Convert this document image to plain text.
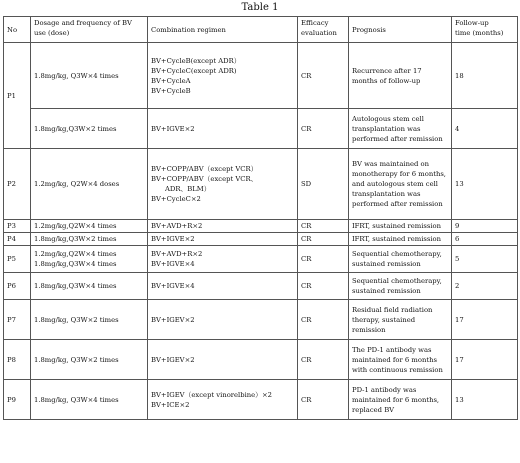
Table 1
No	Dosage and frequency of BV
use (dose)	Combination regimen	Efficacy
evaluation	Prognosis	Follow-up
time (months)

P1	1.8mg/kg, Q3W×4 times	BV+CycleB(except ADR）
BV+CycleC(except ADR)
BV+CycleA
BV+CycleB	CR	Recurrence after 17
months of follow-up	18
	1.8mg/kg,Q3W×2 times	BV+IGVE×2	CR	Autologous stem cell
transplantation was
performed after remission	4
P2	1.2mg/kg, Q2W×4 doses	BV+COPP/ABV（except VCR）
BV+COPP/ABV（except VCR、
ADR、BLM）
BV+CycleC×2	SD	BV was maintained on
monotherapy for 6 months,
and autologous stem cell
transplantation was
performed after remission	13
P3	1.2mg/kg,Q2W×4 times	BV+AVD+R×2	CR	IFRT, sustained remission	9
P4	1.8mg/kg,Q3W×2 times	BV+IGVE×2	CR	IFRT, sustained remission	6
P5	1.2mg/kg,Q2W×4 times
1.8mg/kg,Q3W×4 times	BV+AVD+R×2
BV+IGVE×4	CR	Sequential chemotherapy,
sustained remission	5
P6	1.8mg/kg,Q3W×4 times	BV+IGVE×4	CR	Sequential chemotherapy,
sustained remission	2
P7	1.8mg/kg, Q3W×2 times	BV+IGEV×2	CR	Residual field radiation
therapy, sustained
remission	17
P8	1.8mg/kg, Q3W×2 times	BV+IGEV×2	CR	The PD-1 antibody was
maintained for 6 months
with continuous remission	17
P9	1.8mg/kg, Q3W×4 times	BV+IGEV（except vinorelbine）×2
BV+ICE×2	CR	PD-1 antibody was
maintained for 6 months,
replaced BV	13
